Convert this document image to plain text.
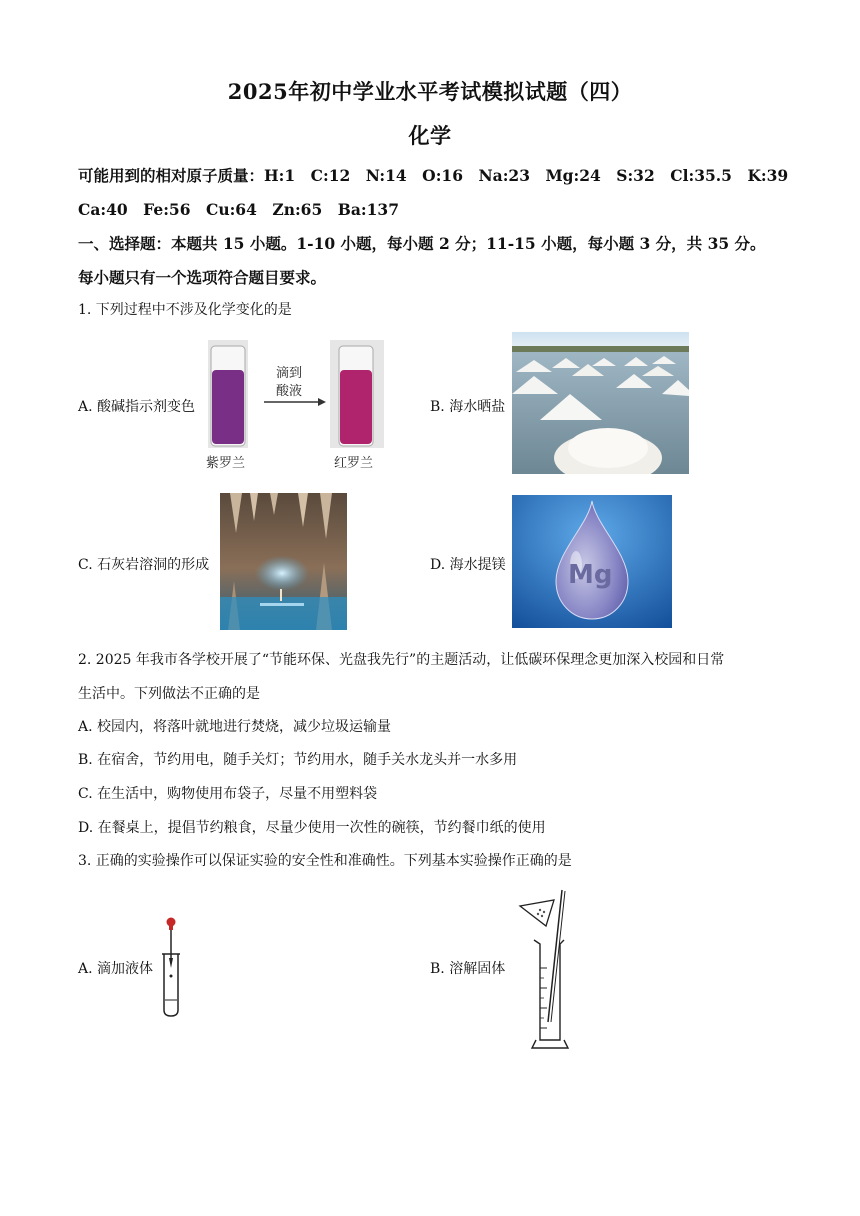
2025年初中学业水平考试模拟试题（四）
化学
可能用到的相对原子质量：H:1　C:12　N:14　O:16　Na:23　Mg:24　S:32　Cl:35.5　K:39
Ca:40　Fe:56　Cu:64　Zn:65　Ba:137
一、选择题：本题共 15 小题。1-10 小题，每小题 2 分；11-15 小题，每小题 3 分，共 35 分。
每小题只有一个选项符合题目要求。
1. 下列过程中不涉及化学变化的是
A. 酸碱指示剂变色
滴到
酸液
紫罗兰	红罗兰
B. 海水晒盐
C. 石灰岩溶洞的形成	D. 海水提镁 Mg
2. 2025 年我市各学校开展了“节能环保、光盘我先行”的主题活动，让低碳环保理念更加深入校园和日常
生活中。下列做法不正确的是
A. 校园内，将落叶就地进行焚烧，减少垃圾运输量
B. 在宿舍，节约用电，随手关灯；节约用水，随手关水龙头并一水多用
C. 在生活中，购物使用布袋子，尽量不用塑料袋
D. 在餐桌上，提倡节约粮食，尽量少使用一次性的碗筷，节约餐巾纸的使用
3. 正确的实验操作可以保证实验的安全性和准确性。下列基本实验操作正确的是
A. 滴加液体	B. 溶解固体
